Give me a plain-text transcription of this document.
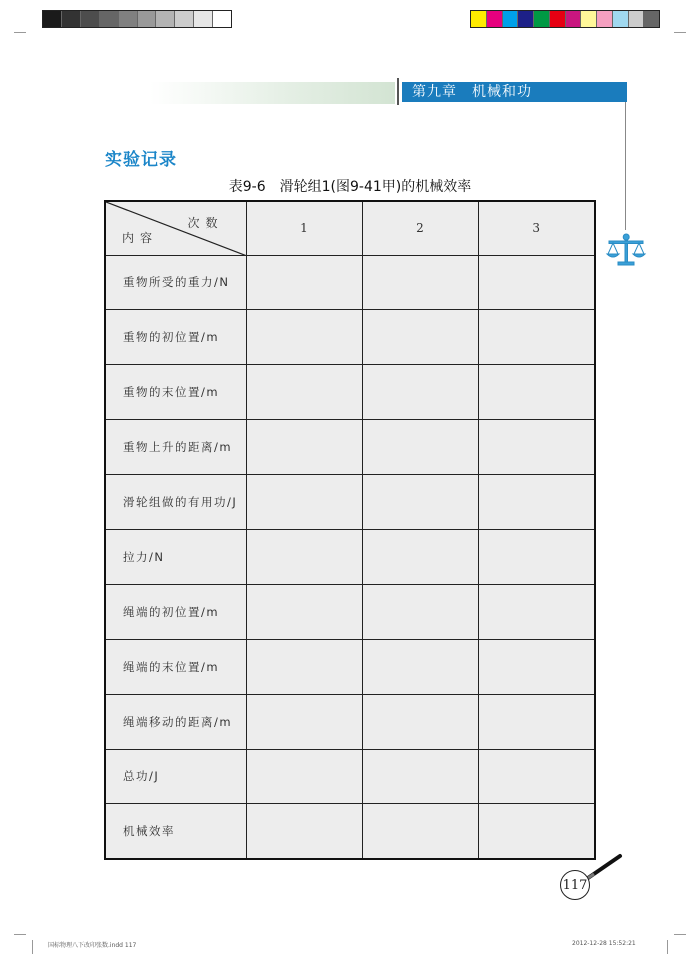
第九章　机械和功
实验记录
表9-6　滑轮组1(图9-41甲)的机械效率
次数
内容	1	2	3
重物所受的重力/N			
重物的初位置/m			
重物的末位置/m			
重物上升的距离/m			
滑轮组做的有用功/J			
拉力/N			
绳端的初位置/m			
绳端的末位置/m			
绳端移动的距离/m			
总功/J			
机械效率			
117
国标物理八下改印张数.indd 117	2012-12-28 15:52:21
